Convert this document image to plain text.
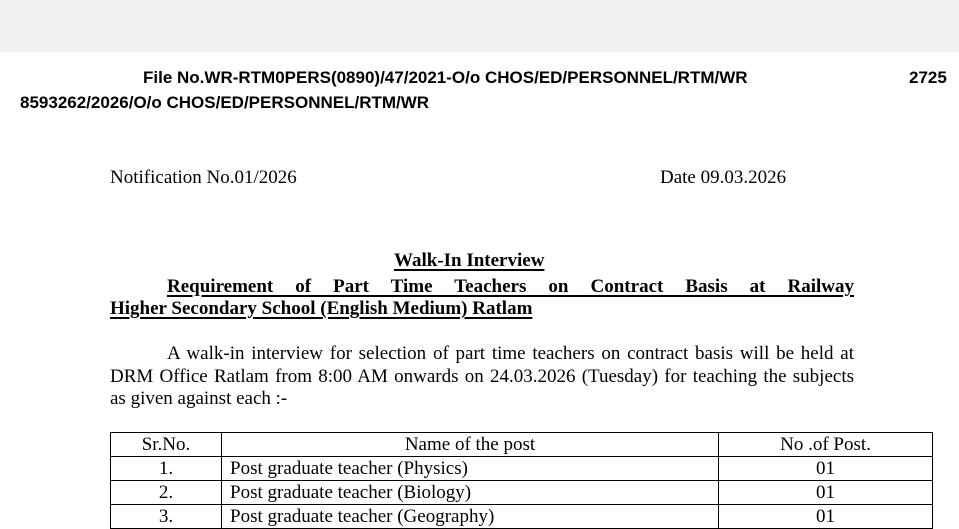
File No.WR-RTM0PERS(0890)/47/2021-O/o CHOS/ED/PERSONNEL/RTM/WR	2725
8593262/2026/O/o CHOS/ED/PERSONNEL/RTM/WR
Notification No.01/2026	Date 09.03.2026
Walk-In Interview
Requirement of Part Time Teachers on Contract Basis at Railway
Higher Secondary School (English Medium) Ratlam
A walk-in interview for selection of part time teachers on contract basis will be held at DRM Office Ratlam from 8:00 AM onwards on 24.03.2026 (Tuesday) for teaching the subjects as given against each :-
Sr.No.	Name of the post	No .of Post.
1.	Post graduate teacher (Physics)	01
2.	Post graduate teacher (Biology)	01
3.	Post graduate teacher (Geography)	01
